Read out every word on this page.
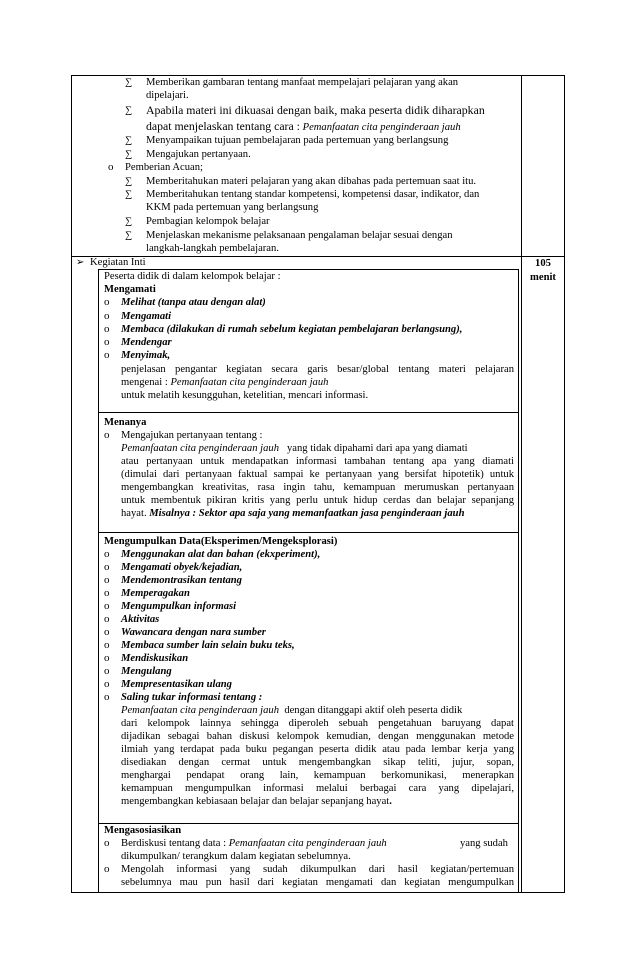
∑ Memberikan gambaran tentang manfaat mempelajari pelajaran yang akan
dipelajari.
∑ Apabila materi ini dikuasai dengan baik, maka peserta didik diharapkan
dapat menjelaskan tentang cara : Pemanfaatan cita penginderaan jauh
∑ Menyampaikan tujuan pembelajaran pada pertemuan yang berlangsung
∑ Mengajukan pertanyaan.
o Pemberian Acuan;
∑ Memberitahukan materi pelajaran yang akan dibahas pada pertemuan saat itu.
∑ Memberitahukan tentang standar kompetensi, kompetensi dasar, indikator, dan
KKM pada pertemuan yang berlangsung
∑ Pembagian kelompok belajar
∑ Menjelaskan mekanisme pelaksanaan pengalaman belajar sesuai dengan
langkah-langkah pembelajaran.
➢ Kegiatan Inti	105
menit
Peserta didik di dalam kelompok belajar :
Mengamati
o Melihat (tanpa atau dengan alat)
o Mengamati
o Membaca (dilakukan di rumah sebelum kegiatan pembelajaran berlangsung),
o Mendengar
o Menyimak,
penjelasan pengantar kegiatan secara garis besar/global tentang materi pelajaran
mengenai : Pemanfaatan cita penginderaan jauh
untuk melatih kesungguhan, ketelitian, mencari informasi.
Menanya
o Mengajukan pertanyaan tentang :
Pemanfaatan cita penginderaan jauh yang tidak dipahami dari apa yang diamati
atau pertanyaan untuk mendapatkan informasi tambahan tentang apa yang diamati
(dimulai dari pertanyaan faktual sampai ke pertanyaan yang bersifat hipotetik) untuk
mengembangkan kreativitas, rasa ingin tahu, kemampuan merumuskan pertanyaan
untuk membentuk pikiran kritis yang perlu untuk hidup cerdas dan belajar sepanjang
hayat. Misalnya : Sektor apa saja yang memanfaatkan jasa penginderaan jauh
Mengumpulkan Data(Eksperimen/Mengeksplorasi)
o Menggunakan alat dan bahan (ekxperiment),
o Mengamati obyek/kejadian,
o Mendemontrasikan tentang
o Memperagakan
o Mengumpulkan informasi
o Aktivitas
o Wawancara dengan nara sumber
o Membaca sumber lain selain buku teks,
o Mendiskusikan
o Mengulang
o Mempresentasikan ulang
o Saling tukar informasi tentang :
Pemanfaatan cita penginderaan jauh dengan ditanggapi aktif oleh peserta didik
dari kelompok lainnya sehingga diperoleh sebuah pengetahuan baruyang dapat
dijadikan sebagai bahan diskusi kelompok kemudian, dengan menggunakan metode
ilmiah yang terdapat pada buku pegangan peserta didik atau pada lembar kerja yang
disediakan dengan cermat untuk mengembangkan sikap teliti, jujur, sopan,
menghargai pendapat orang lain, kemampuan berkomunikasi, menerapkan
kemampuan mengumpulkan informasi melalui berbagai cara yang dipelajari,
mengembangkan kebiasaan belajar dan belajar sepanjang hayat.
Mengasosiasikan
o Berdiskusi tentang data : Pemanfaatan cita penginderaan jauh	yang sudah
dikumpulkan/ terangkum dalam kegiatan sebelumnya.
o Mengolah informasi yang sudah dikumpulkan dari hasil kegiatan/pertemuan
sebelumnya mau pun hasil dari kegiatan mengamati dan kegiatan mengumpulkan
